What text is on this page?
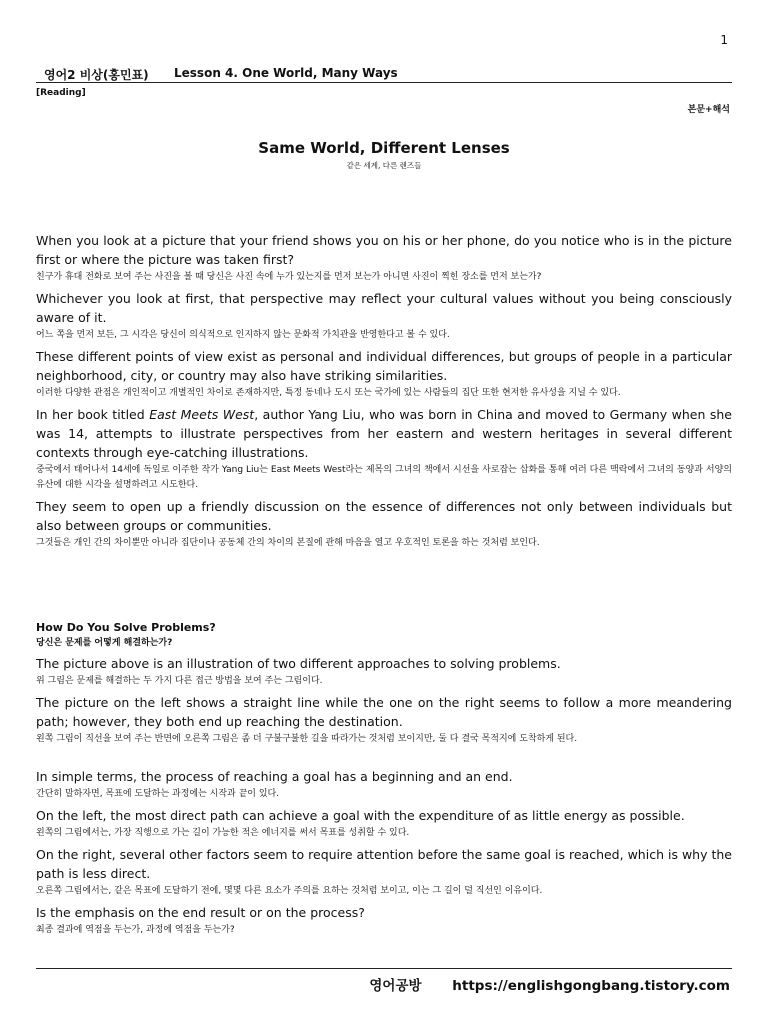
1
영어2 비상(홍민표) Lesson 4. One World, Many Ways
[Reading]
본문+해석
Same World, Different Lenses
같은 세계, 다른 렌즈들

When you look at a picture that your friend shows you on his or her phone, do you notice who is in the picture first or where the picture was taken first?

친구가 휴대 전화로 보여 주는 사진을 볼 때 당신은 사진 속에 누가 있는지를 먼저 보는가 아니면 사진이 찍힌 장소를 먼저 보는가?

Whichever you look at first, that perspective may reflect your cultural values without you being consciously aware of it.

어느 쪽을 먼저 보든, 그 시각은 당신이 의식적으로 인지하지 않는 문화적 가치관을 반영한다고 볼 수 있다.

These different points of view exist as personal and individual differences, but groups of people in a particular neighborhood, city, or country may also have striking similarities.

이러한 다양한 관점은 개인적이고 개별적인 차이로 존재하지만, 특정 동네나 도시 또는 국가에 있는 사람들의 집단 또한 현저한 유사성을 지닐 수 있다.

In her book titled East Meets West, author Yang Liu, who was born in China and moved to Germany when she was 14, attempts to illustrate perspectives from her eastern and western heritages in several different contexts through eye-catching illustrations.

중국에서 태어나서 14세에 독일로 이주한 작가 Yang Liu는 East Meets West라는 제목의 그녀의 책에서 시선을 사로잡는 삽화를 통해 여러 다른 맥락에서 그녀의 동양과 서양의 유산에 대한 시각을 설명하려고 시도한다.

They seem to open up a friendly discussion on the essence of differences not only between individuals but also between groups or communities.

그것들은 개인 간의 차이뿐만 아니라 집단이나 공동체 간의 차이의 본질에 관해 마음을 열고 우호적인 토론을 하는 것처럼 보인다.

How Do You Solve Problems?

당신은 문제를 어떻게 해결하는가?

The picture above is an illustration of two different approaches to solving problems.

위 그림은 문제를 해결하는 두 가지 다른 접근 방법을 보여 주는 그림이다.

The picture on the left shows a straight line while the one on the right seems to follow a more meandering path; however, they both end up reaching the destination.

왼쪽 그림이 직선을 보여 주는 반면에 오른쪽 그림은 좀 더 구불구불한 길을 따라가는 것처럼 보이지만, 둘 다 결국 목적지에 도착하게 된다.

In simple terms, the process of reaching a goal has a beginning and an end.

간단히 말하자면, 목표에 도달하는 과정에는 시작과 끝이 있다.

On the left, the most direct path can achieve a goal with the expenditure of as little energy as possible.

왼쪽의 그림에서는, 가장 직행으로 가는 길이 가능한 적은 에너지를 써서 목표를 성취할 수 있다.

On the right, several other factors seem to require attention before the same goal is reached, which is why the path is less direct.

오른쪽 그림에서는, 같은 목표에 도달하기 전에, 몇몇 다른 요소가 주의를 요하는 것처럼 보이고, 이는 그 길이 덜 직선인 이유이다.

Is the emphasis on the end result or on the process?

최종 결과에 역점을 두는가, 과정에 역점을 두는가?

영어공방 https://englishgongbang.tistory.com
